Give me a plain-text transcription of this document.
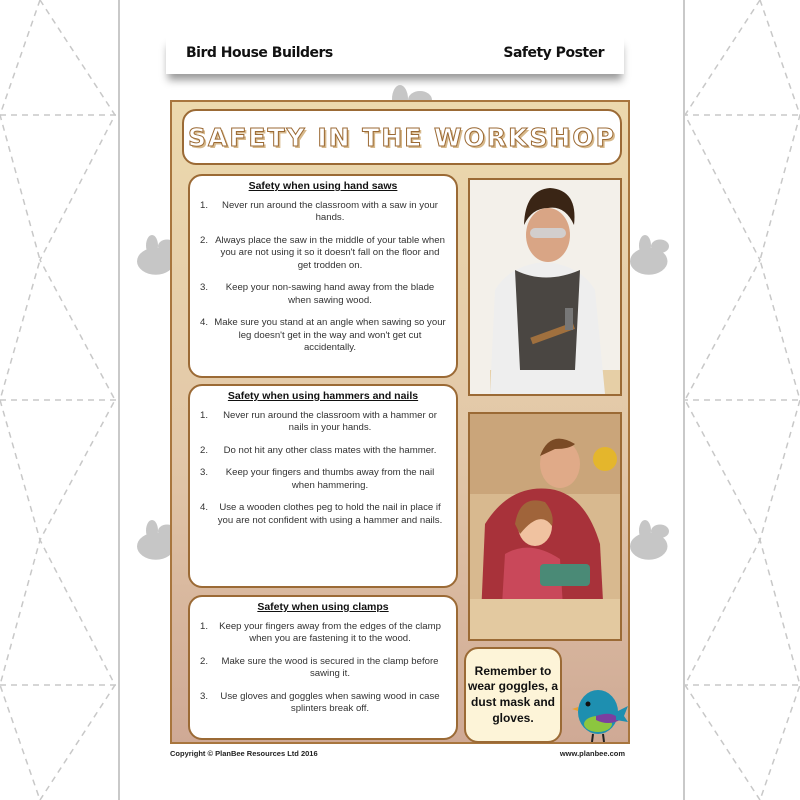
Bird House Builders	Safety Poster
SAFETY IN THE WORKSHOP
Safety when using hand saws
1.	Never run around the classroom with a saw in your hands.
2. Always place the saw in the middle of your table when you are not using it so it doesn't fall on the floor and get trodden on.
3.	Keep your non-sawing hand away from the blade when sawing wood.
4. Make sure you stand at an angle when sawing so your leg doesn't get in the way and won't get cut accidentally.
Safety when using hammers and nails
1.	Never run around the classroom with a hammer or nails in your hands.
2.	Do not hit any other class mates with the hammer.
3.	Keep your fingers and thumbs away from the nail when hammering.
4.	Use a wooden clothes peg to hold the nail in place if you are not confident with using a hammer and nails.
Safety when using clamps
1.	Keep your fingers away from the edges of the clamp when you are fastening it to the wood.
2.	Make sure the wood is secured in the clamp before sawing it.
3.	Use gloves and goggles when sawing wood in case splinters break off.
Remember to wear goggles, a dust mask and gloves.
Copyright © PlanBee Resources Ltd 2016	www.planbee.com
